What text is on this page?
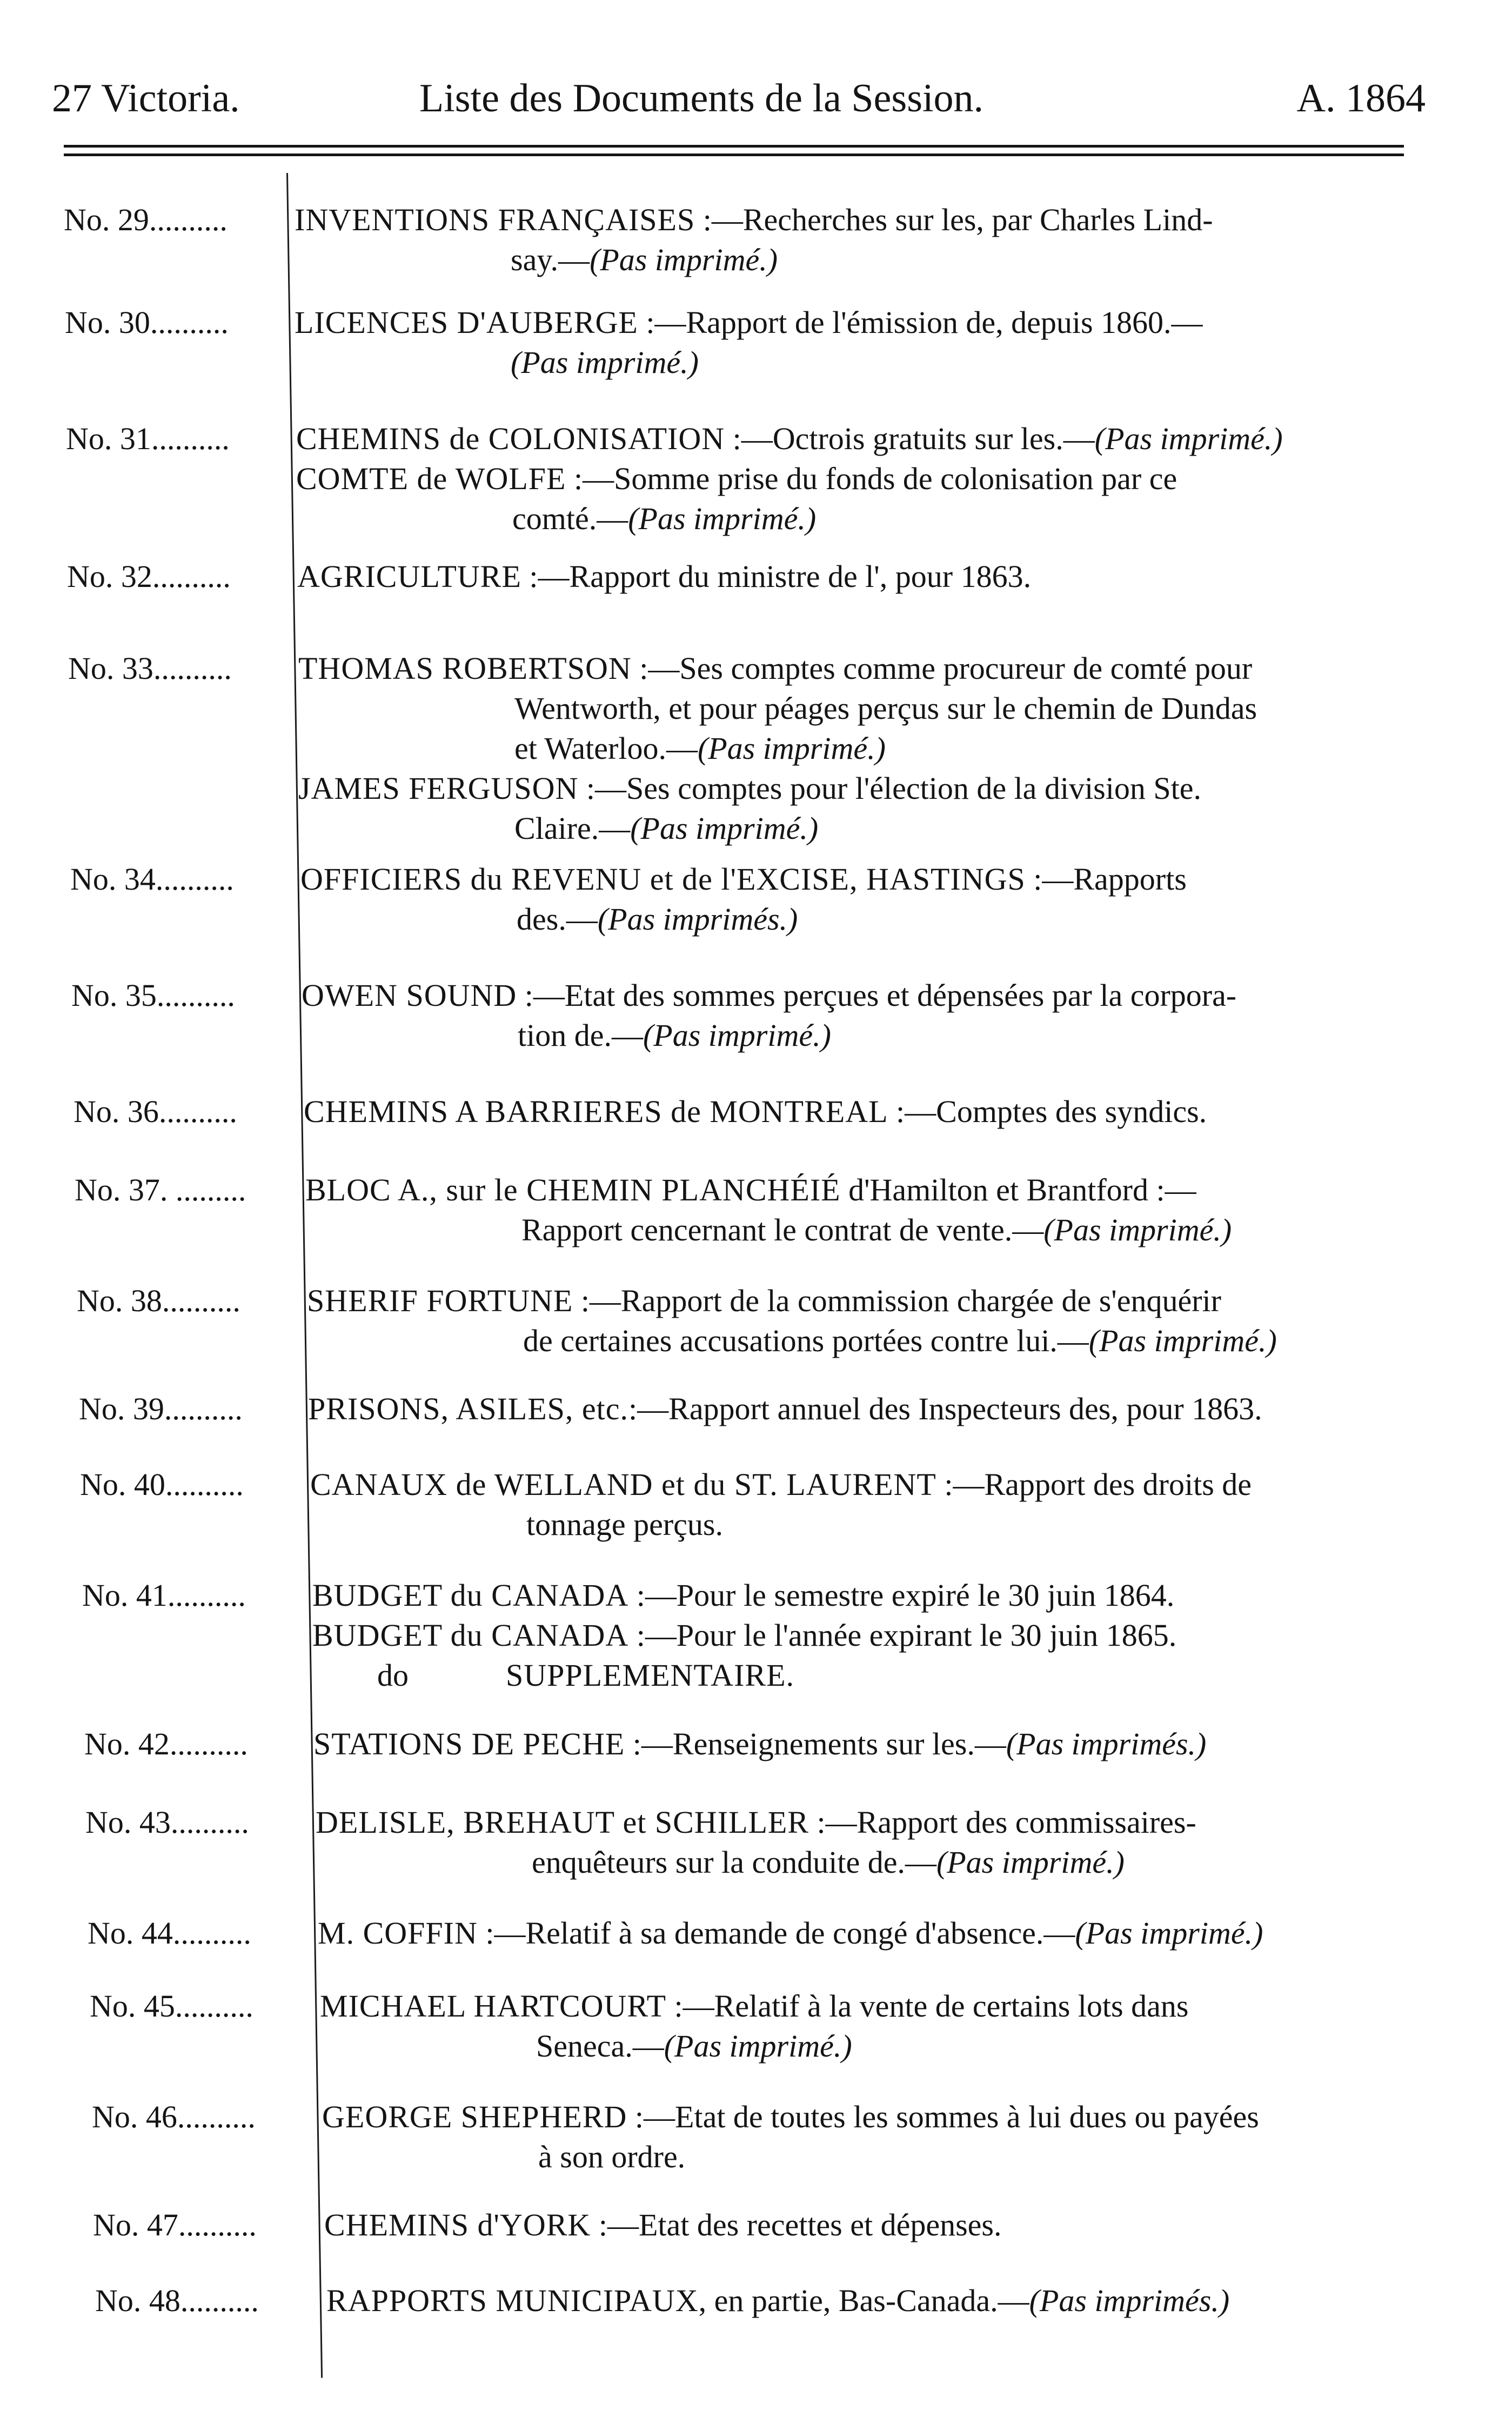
27 Victoria.	Liste des Documents de la Session.	A. 1864
No. 29..........	INVENTIONS FRANÇAISES :—Recherches sur les, par Charles Lind-
say.—(Pas imprimé.)
No. 30..........	LICENCES D'AUBERGE :—Rapport de l'émission de, depuis 1860.—
(Pas imprimé.)
No. 31..........	CHEMINS de COLONISATION :—Octrois gratuits sur les.—(Pas imprimé.)
COMTE de WOLFE :—Somme prise du fonds de colonisation par ce
comté.—(Pas imprimé.)
No. 32..........	AGRICULTURE :—Rapport du ministre de l', pour 1863.
No. 33..........	THOMAS ROBERTSON :—Ses comptes comme procureur de comté pour
Wentworth, et pour péages perçus sur le chemin de Dundas
et Waterloo.—(Pas imprimé.)
JAMES FERGUSON :—Ses comptes pour l'élection de la division Ste.
Claire.—(Pas imprimé.)
No. 34..........	OFFICIERS du REVENU et de l'EXCISE, HASTINGS :—Rapports
des.—(Pas imprimés.)
No. 35..........	OWEN SOUND :—Etat des sommes perçues et dépensées par la corpora-
tion de.—(Pas imprimé.)
No. 36..........	CHEMINS A BARRIERES de MONTREAL :—Comptes des syndics.
No. 37. .........	BLOC A., sur le CHEMIN PLANCHÉIÉ d'Hamilton et Brantford :—
Rapport cencernant le contrat de vente.—(Pas imprimé.)
No. 38..........	SHERIF FORTUNE :—Rapport de la commission chargée de s'enquérir
de certaines accusations portées contre lui.—(Pas imprimé.)
No. 39..........	PRISONS, ASILES, etc.:—Rapport annuel des Inspecteurs des, pour 1863.
No. 40..........	CANAUX de WELLAND et du ST. LAURENT :—Rapport des droits de
tonnage perçus.
No. 41..........	BUDGET du CANADA :—Pour le semestre expiré le 30 juin 1864.
BUDGET du CANADA :—Pour le l'année expirant le 30 juin 1865.
do	SUPPLEMENTAIRE.
No. 42..........	STATIONS DE PECHE :—Renseignements sur les.—(Pas imprimés.)
No. 43..........	DELISLE, BREHAUT et SCHILLER :—Rapport des commissaires-
enquêteurs sur la conduite de.—(Pas imprimé.)
No. 44..........	M. COFFIN :—Relatif à sa demande de congé d'absence.—(Pas imprimé.)
No. 45..........	MICHAEL HARTCOURT :—Relatif à la vente de certains lots dans
Seneca.—(Pas imprimé.)
No. 46..........	GEORGE SHEPHERD :—Etat de toutes les sommes à lui dues ou payées
à son ordre.
No. 47..........	CHEMINS d'YORK :—Etat des recettes et dépenses.
No. 48..........	RAPPORTS MUNICIPAUX, en partie, Bas-Canada.—(Pas imprimés.)
